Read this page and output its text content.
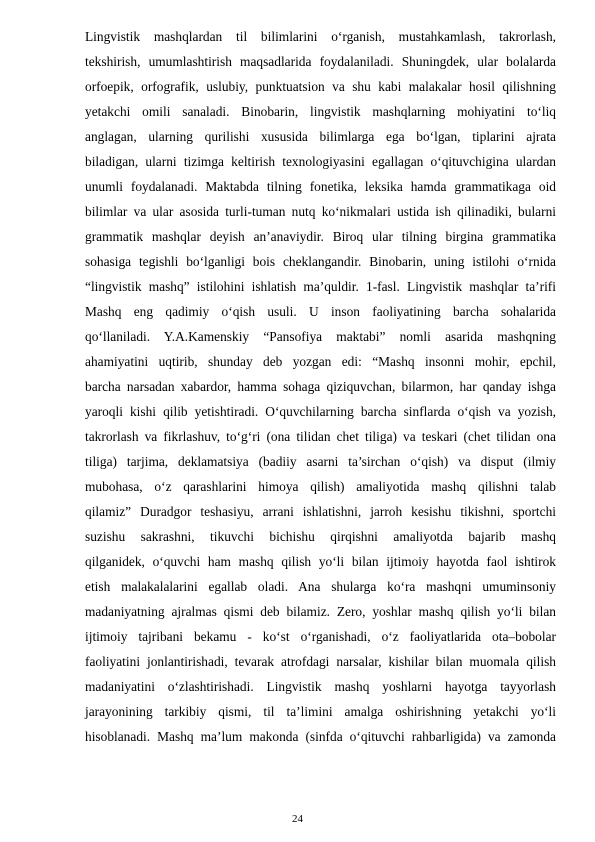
Lingvistik mashqlardan til bilimlarini o‘rganish, mustahkamlash, takrorlash,
tekshirish, umumlashtirish maqsadlarida foydalaniladi. Shuningdek, ular bolalarda
orfoepik, orfografik, uslubiy, punktuatsion va shu kabi malakalar hosil qilishning
yetakchi omili sanaladi. Binobarin, lingvistik mashqlarning mohiyatini to‘liq
anglagan, ularning qurilishi xususida bilimlarga ega bo‘lgan, tiplarini ajrata
biladigan, ularni tizimga keltirish texnologiyasini egallagan o‘qituvchigina ulardan
unumli foydalanadi. Maktabda tilning fonetika, leksika hamda grammatikaga oid
bilimlar va ular asosida turli-tuman nutq ko‘nikmalari ustida ish qilinadiki, bularni
grammatik mashqlar deyish an’anaviydir. Biroq ular tilning birgina grammatika
sohasiga tegishli bo‘lganligi bois cheklangandir. Binobarin, uning istilohi o‘rnida
“lingvistik mashq” istilohini ishlatish ma’quldir. 1-fasl. Lingvistik mashqlar ta’rifi
Mashq eng qadimiy o‘qish usuli. U inson faoliyatining barcha sohalarida
qo‘llaniladi. Y.A.Kamenskiy “Pansofiya maktabi” nomli asarida mashqning
ahamiyatini uqtirib, shunday deb yozgan edi: “Mashq insonni mohir, epchil,
barcha narsadan xabardor, hamma sohaga qiziquvchan, bilarmon, har qanday ishga
yaroqli kishi qilib yetishtiradi. O‘quvchilarning barcha sinflarda o‘qish va yozish,
takrorlash va fikrlashuv, to‘g‘ri (ona tilidan chet tiliga) va teskari (chet tilidan ona
tiliga) tarjima, deklamatsiya (badiiy asarni ta’sirchan o‘qish) va disput (ilmiy
mubohasa, o‘z qarashlarini himoya qilish) amaliyotida mashq qilishni talab
qilamiz” Duradgor teshasiyu, arrani ishlatishni, jarroh kesishu tikishni, sportchi
suzishu sakrashni, tikuvchi bichishu qirqishni amaliyotda bajarib mashq
qilganidek, o‘quvchi ham mashq qilish yo‘li bilan ijtimoiy hayotda faol ishtirok
etish malakalalarini egallab oladi. Ana shularga ko‘ra mashqni umuminsoniy
madaniyatning ajralmas qismi deb bilamiz. Zero, yoshlar mashq qilish yo‘li bilan
ijtimoiy tajribani bekamu - ko‘st o‘rganishadi, o‘z faoliyatlarida ota–bobolar
faoliyatini jonlantirishadi, tevarak atrofdagi narsalar, kishilar bilan muomala qilish
madaniyatini o‘zlashtirishadi. Lingvistik mashq yoshlarni hayotga tayyorlash
jarayonining tarkibiy qismi, til ta’limini amalga oshirishning yetakchi yo‘li
hisoblanadi. Mashq ma’lum makonda (sinfda o‘qituvchi rahbarligida) va zamonda
24
